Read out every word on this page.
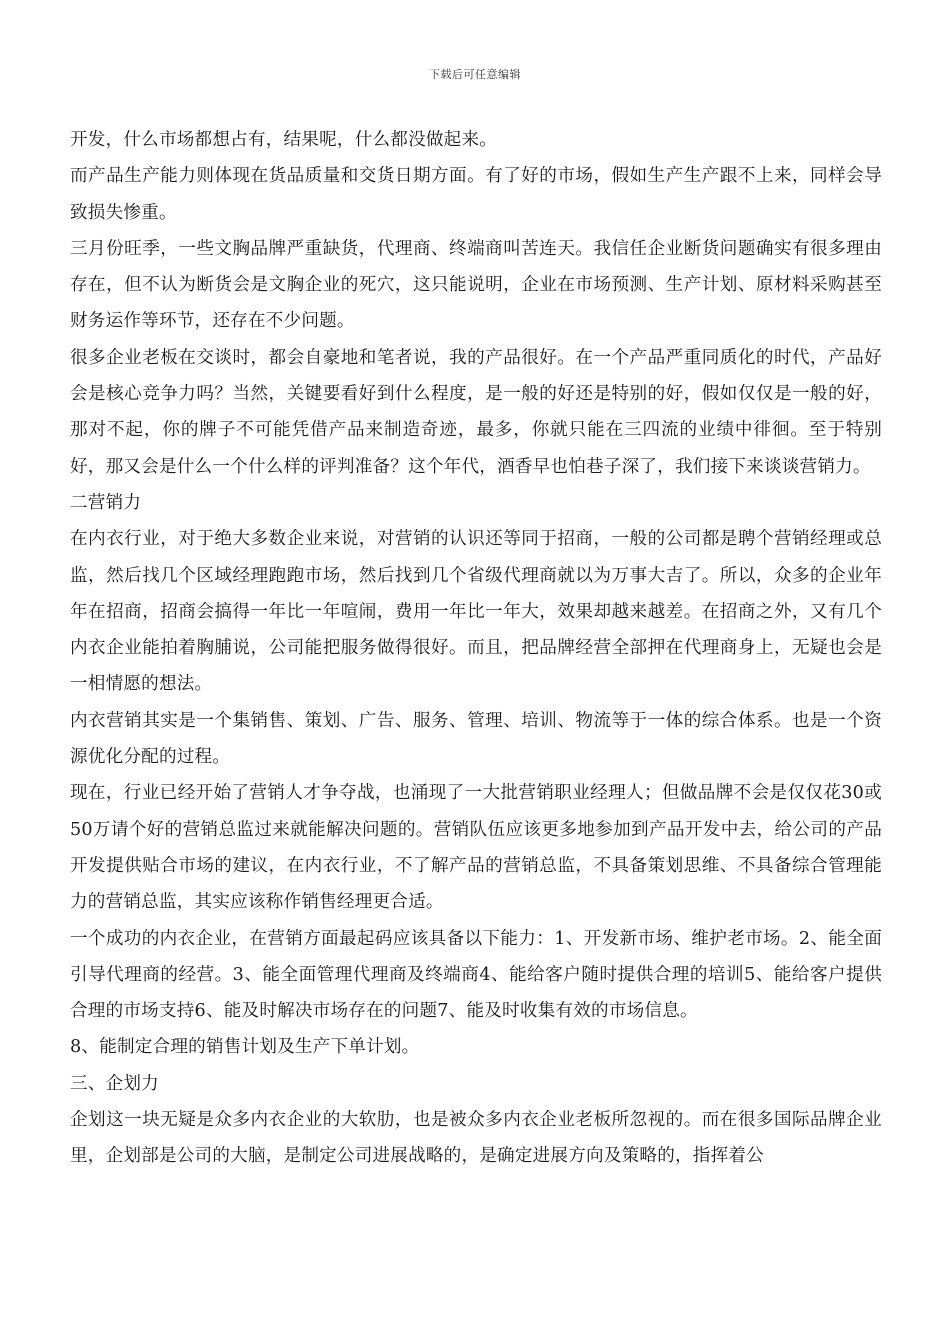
下载后可任意编辑

开发，什么市场都想占有，结果呢，什么都没做起来。

而产品生产能力则体现在货品质量和交货日期方面。有了好的市场，假如生产生产跟不上来，同样会导致损失惨重。

三月份旺季，一些文胸品牌严重缺货，代理商、终端商叫苦连天。我信任企业断货问题确实有很多理由存在，但不认为断货会是文胸企业的死穴，这只能说明，企业在市场预测、生产计划、原材料采购甚至财务运作等环节，还存在不少问题。

很多企业老板在交谈时，都会自豪地和笔者说，我的产品很好。在一个产品严重同质化的时代，产品好会是核心竞争力吗？当然，关键要看好到什么程度，是一般的好还是特别的好，假如仅仅是一般的好，那对不起，你的牌子不可能凭借产品来制造奇迹，最多，你就只能在三四流的业绩中徘徊。至于特别好，那又会是什么一个什么样的评判准备？这个年代，酒香早也怕巷子深了，我们接下来谈谈营销力。

二营销力

在内衣行业，对于绝大多数企业来说，对营销的认识还等同于招商，一般的公司都是聘个营销经理或总监，然后找几个区域经理跑跑市场，然后找到几个省级代理商就以为万事大吉了。所以，众多的企业年年在招商，招商会搞得一年比一年喧闹，费用一年比一年大，效果却越来越差。在招商之外，又有几个内衣企业能拍着胸脯说，公司能把服务做得很好。而且，把品牌经营全部押在代理商身上，无疑也会是一相情愿的想法。

内衣营销其实是一个集销售、策划、广告、服务、管理、培训、物流等于一体的综合体系。也是一个资源优化分配的过程。

现在，行业已经开始了营销人才争夺战，也涌现了一大批营销职业经理人；但做品牌不会是仅仅花30或50万请个好的营销总监过来就能解决问题的。营销队伍应该更多地参加到产品开发中去，给公司的产品开发提供贴合市场的建议，在内衣行业，不了解产品的营销总监，不具备策划思维、不具备综合管理能力的营销总监，其实应该称作销售经理更合适。

一个成功的内衣企业，在营销方面最起码应该具备以下能力：1、开发新市场、维护老市场。2、能全面引导代理商的经营。3、能全面管理代理商及终端商4、能给客户随时提供合理的培训5、能给客户提供合理的市场支持6、能及时解决市场存在的问题7、能及时收集有效的市场信息。

8、能制定合理的销售计划及生产下单计划。

三、企划力

企划这一块无疑是众多内衣企业的大软肋，也是被众多内衣企业老板所忽视的。而在很多国际品牌企业里，企划部是公司的大脑，是制定公司进展战略的，是确定进展方向及策略的，指挥着公
